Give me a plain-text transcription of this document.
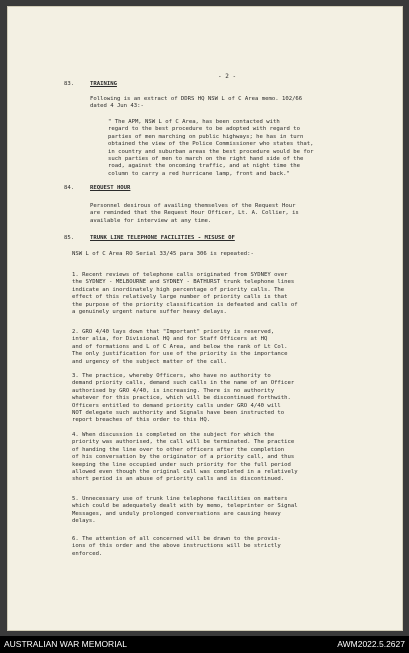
- 2 -

83.	TRAINING

Following is an extract of DDRS HQ NSW L of C Area memo. 102/66
dated 4 Jun 43:-

" The APM, NSW L of C Area, has been contacted with
regard to the best procedure to be adopted with regard to
parties of men marching on public highways; he has in turn
obtained the view of the Police Commissioner who states that,
in country and suburban areas the best procedure would be for
such parties of men to march on the right hand side of the
road, against the oncoming traffic, and at night time the
column to carry a red hurricane lamp, front and back."

84.	REQUEST HOUR

Personnel desirous of availing themselves of the Request Hour
are reminded that the Request Hour Officer, Lt. A. Collier, is
available for interview at any time.

85.	TRUNK LINE TELEPHONE FACILITIES - MISUSE OF

NSW L of C Area RO Serial 33/45 para 306 is repeated:-

1. Recent reviews of telephone calls originated from SYDNEY over
the SYDNEY - MELBOURNE and SYDNEY - BATHURST trunk telephone lines
indicate an inordinately high percentage of priority calls. The
effect of this relatively large number of priority calls is that
the purpose of the priority classification is defeated and calls of
a genuinely urgent nature suffer heavy delays.

2. GRO 4/40 lays down that "Important" priority is reserved,
inter alia, for Divisional HQ and for Staff Officers at HQ
and of formations and L of C Area, and below the rank of Lt Col.
The only justification for use of the priority is the importance
and urgency of the subject matter of the call.

3. The practice, whereby Officers, who have no authority to
demand priority calls, demand such calls in the name of an Officer
authorised by GRO 4/40, is increasing. There is no authority
whatever for this practice, which will be discontinued forthwith.
Officers entitled to demand priority calls under GRO 4/40 will
NOT delegate such authority and Signals have been instructed to
report breaches of this order to this HQ.

4. When discussion is completed on the subject for which the
priority was authorised, the call will be terminated. The practice
of handing the line over to other officers after the completion
of his conversation by the originator of a priority call, and thus
keeping the line occupied under such priority for the full period
allowed even though the original call was completed in a relatively
short period is an abuse of priority calls and is discontinued.

5. Unnecessary use of trunk line telephone facilities on matters
which could be adequately dealt with by memo, teleprinter or Signal
Messages, and unduly prolonged conversations are causing heavy
delays.

6. The attention of all concerned will be drawn to the provis-
ions of this order and the above instructions will be strictly
enforced.

AUSTRALIAN WAR MEMORIAL	AWM2022.5.2627
